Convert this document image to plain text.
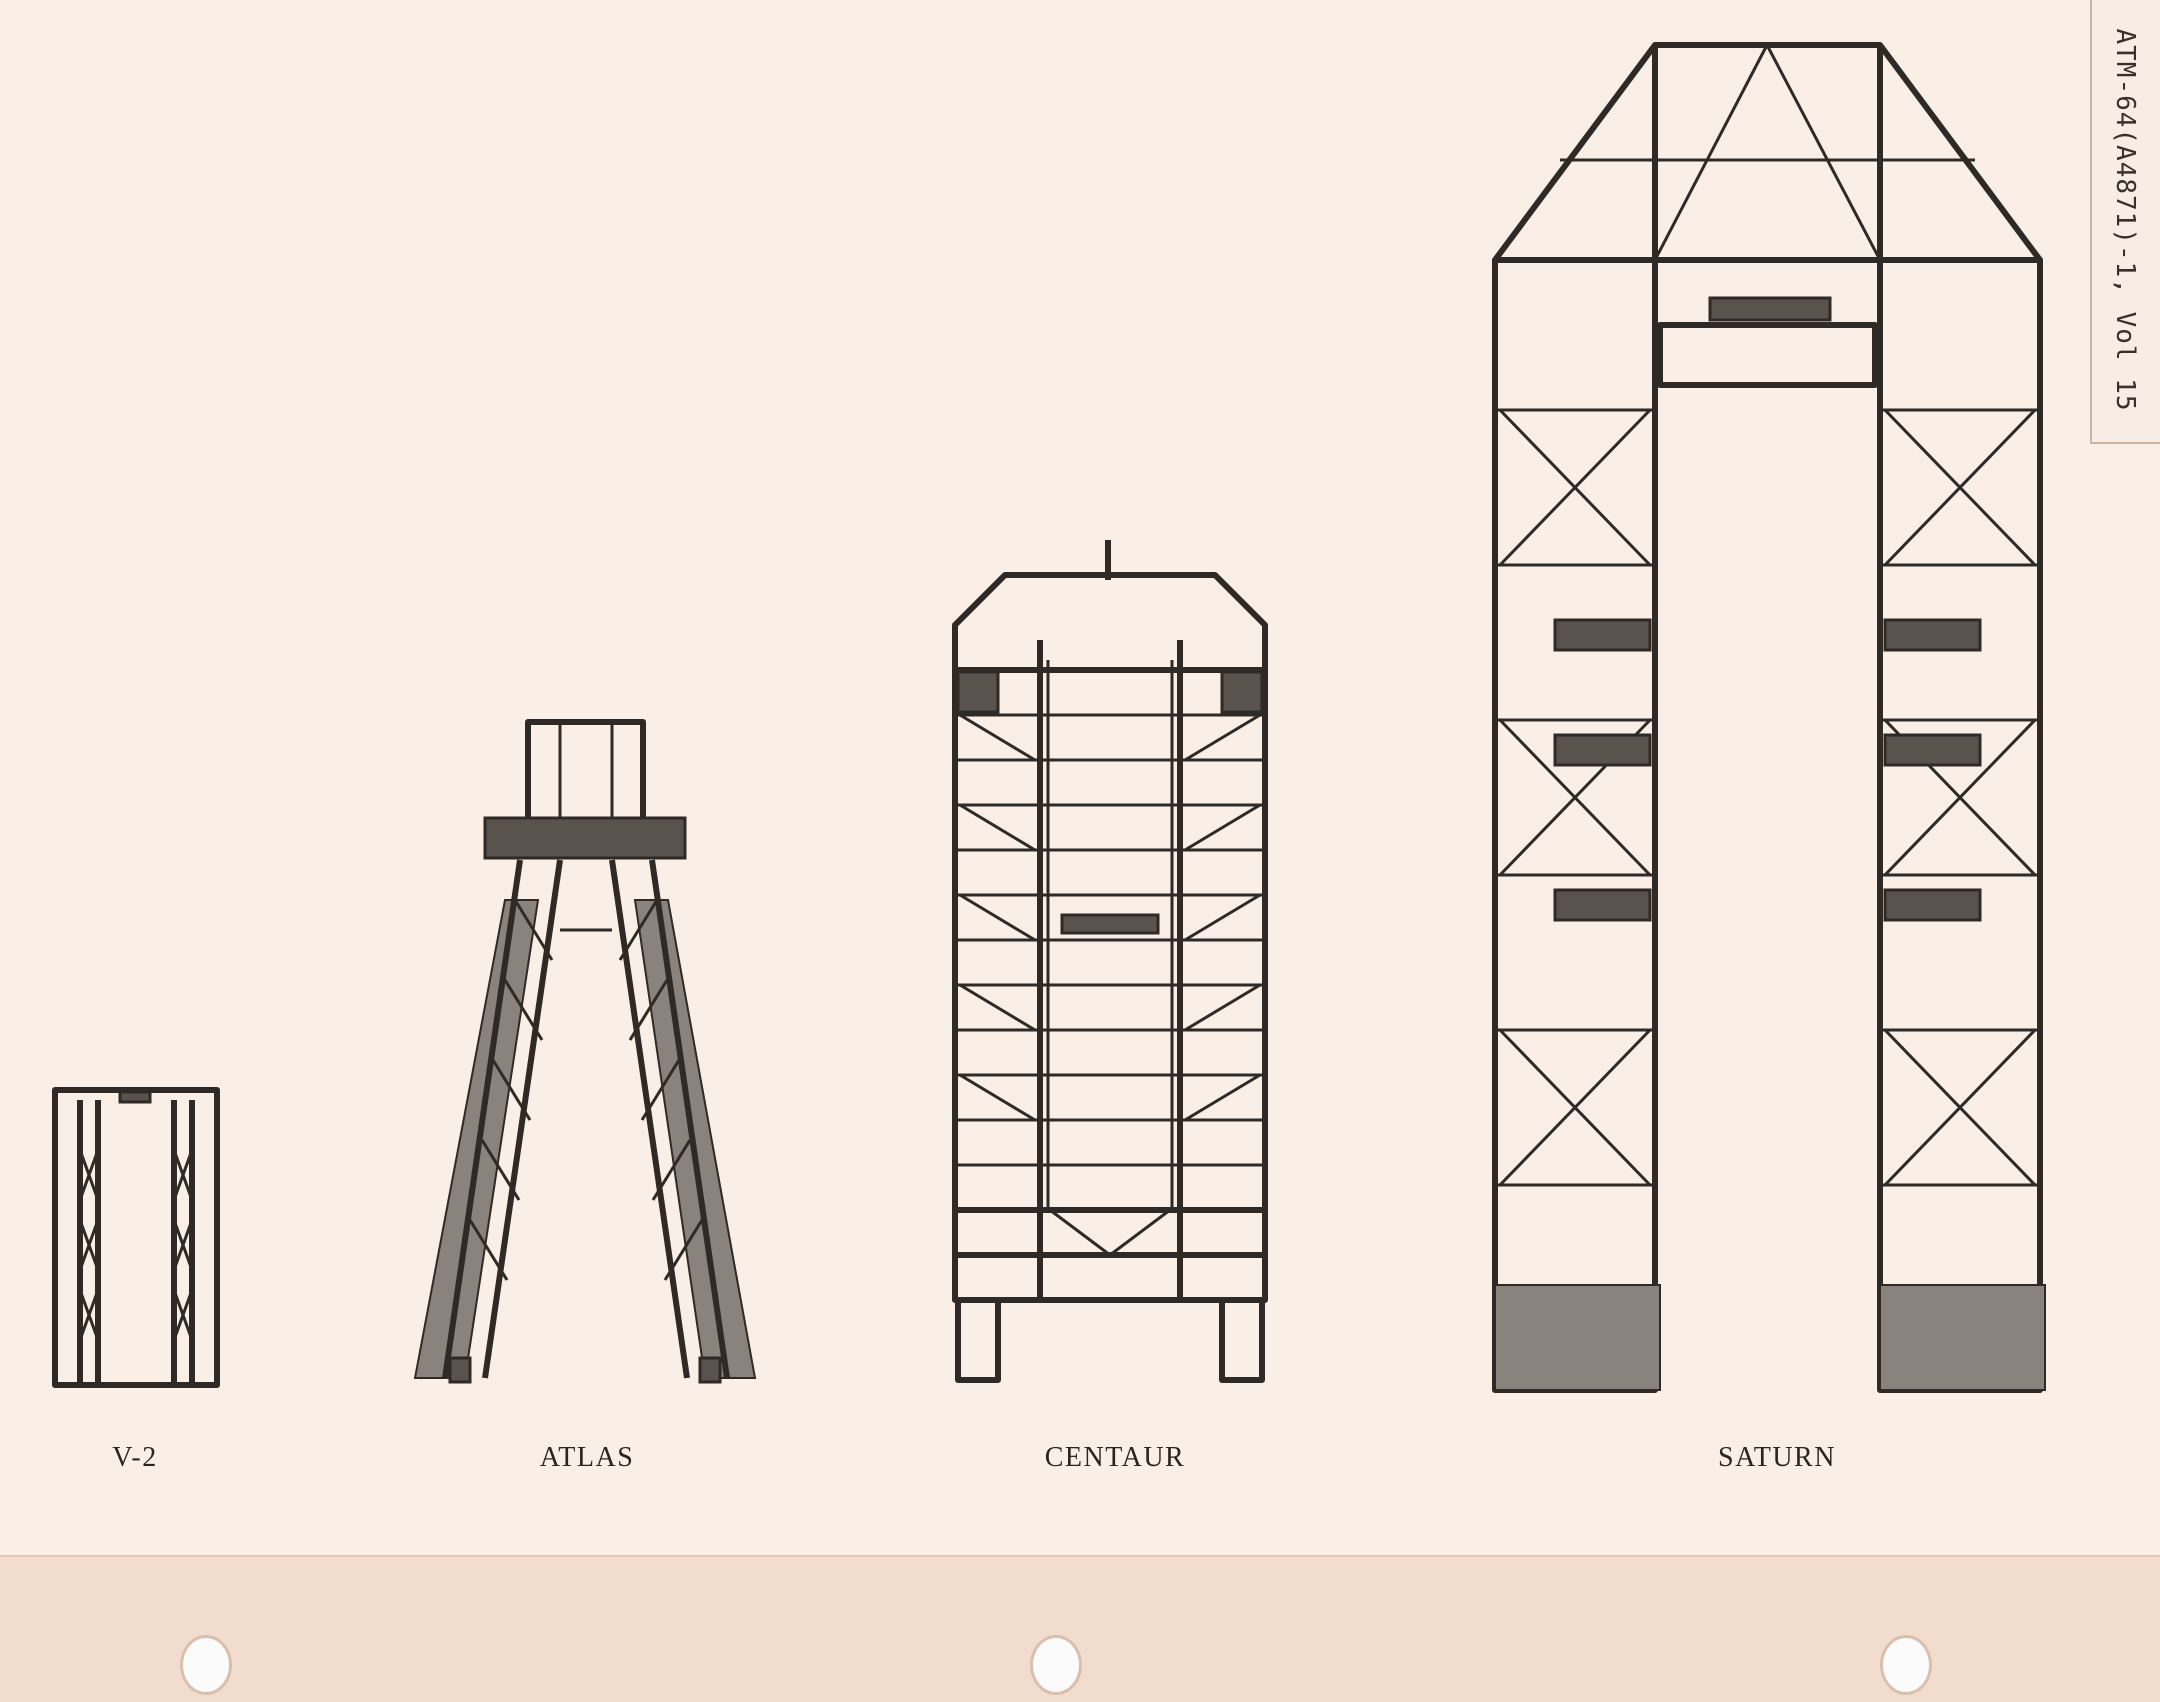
ATM-64(A4871)-1, Vol 15
V-2	ATLAS	CENTAUR	SATURN
